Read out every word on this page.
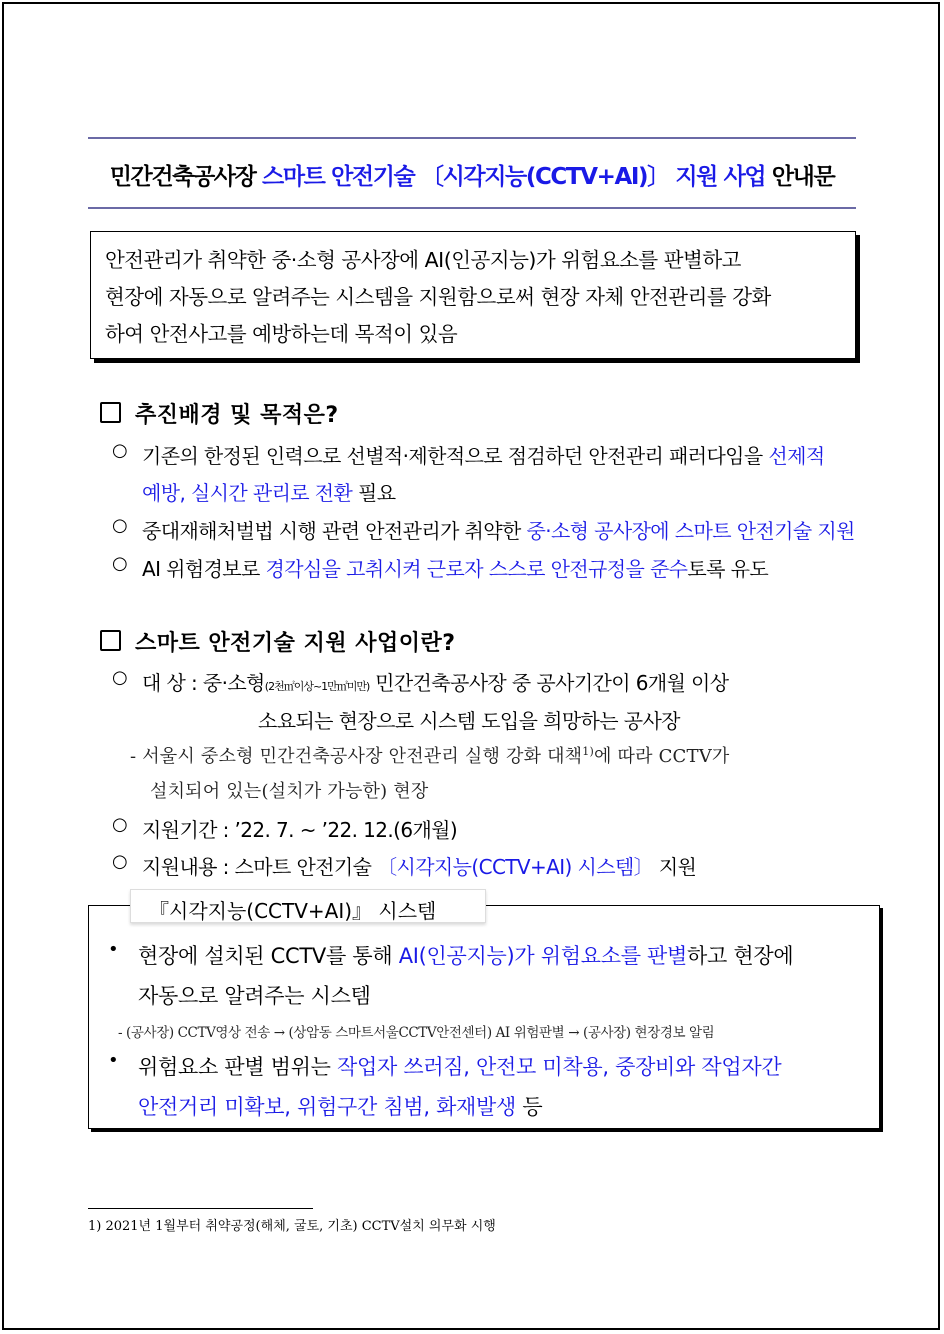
민간건축공사장 스마트 안전기술 〔시각지능(CCTV+AI)〕 지원 사업 안내문
안전관리가 취약한 중·소형 공사장에 AI(인공지능)가 위험요소를 판별하고
현장에 자동으로 알려주는 시스템을 지원함으로써 현장 자체 안전관리를 강화
하여 안전사고를 예방하는데 목적이 있음
추진배경 및 목적은?
○ 기존의 한정된 인력으로 선별적·제한적으로 점검하던 안전관리 패러다임을 선제적
예방, 실시간 관리로 전환 필요
○ 중대재해처벌법 시행 관련 안전관리가 취약한 중·소형 공사장에 스마트 안전기술 지원
○ AI 위험경보로 경각심을 고취시켜 근로자 스스로 안전규정을 준수토록 유도
스마트 안전기술 지원 사업이란?
○ 대 상 : 중·소형(2천㎡이상~1만㎡미만) 민간건축공사장 중 공사기간이 6개월 이상
소요되는 현장으로 시스템 도입을 희망하는 공사장
- 서울시 중소형 민간건축공사장 안전관리 실행 강화 대책$^{1)}$에 따라 CCTV가
설치되어 있는(설치가 가능한) 현장
○ 지원기간 : ’22. 7. ~ ’22. 12.(6개월)
○ 지원내용 : 스마트 안전기술 〔시각지능(CCTV+AI) 시스템〕 지원
『시각지능(CCTV+AI)』 시스템
• 현장에 설치된 CCTV를 통해 AI(인공지능)가 위험요소를 판별하고 현장에
자동으로 알려주는 시스템
- (공사장) CCTV영상 전송 → (상암동 스마트서울CCTV안전센터) AI 위험판별 → (공사장) 현장경보 알림
• 위험요소 판별 범위는 작업자 쓰러짐, 안전모 미착용, 중장비와 작업자간
안전거리 미확보, 위험구간 침범, 화재발생 등
1) 2021년 1월부터 취약공정(해체, 굴토, 기초) CCTV설치 의무화 시행
